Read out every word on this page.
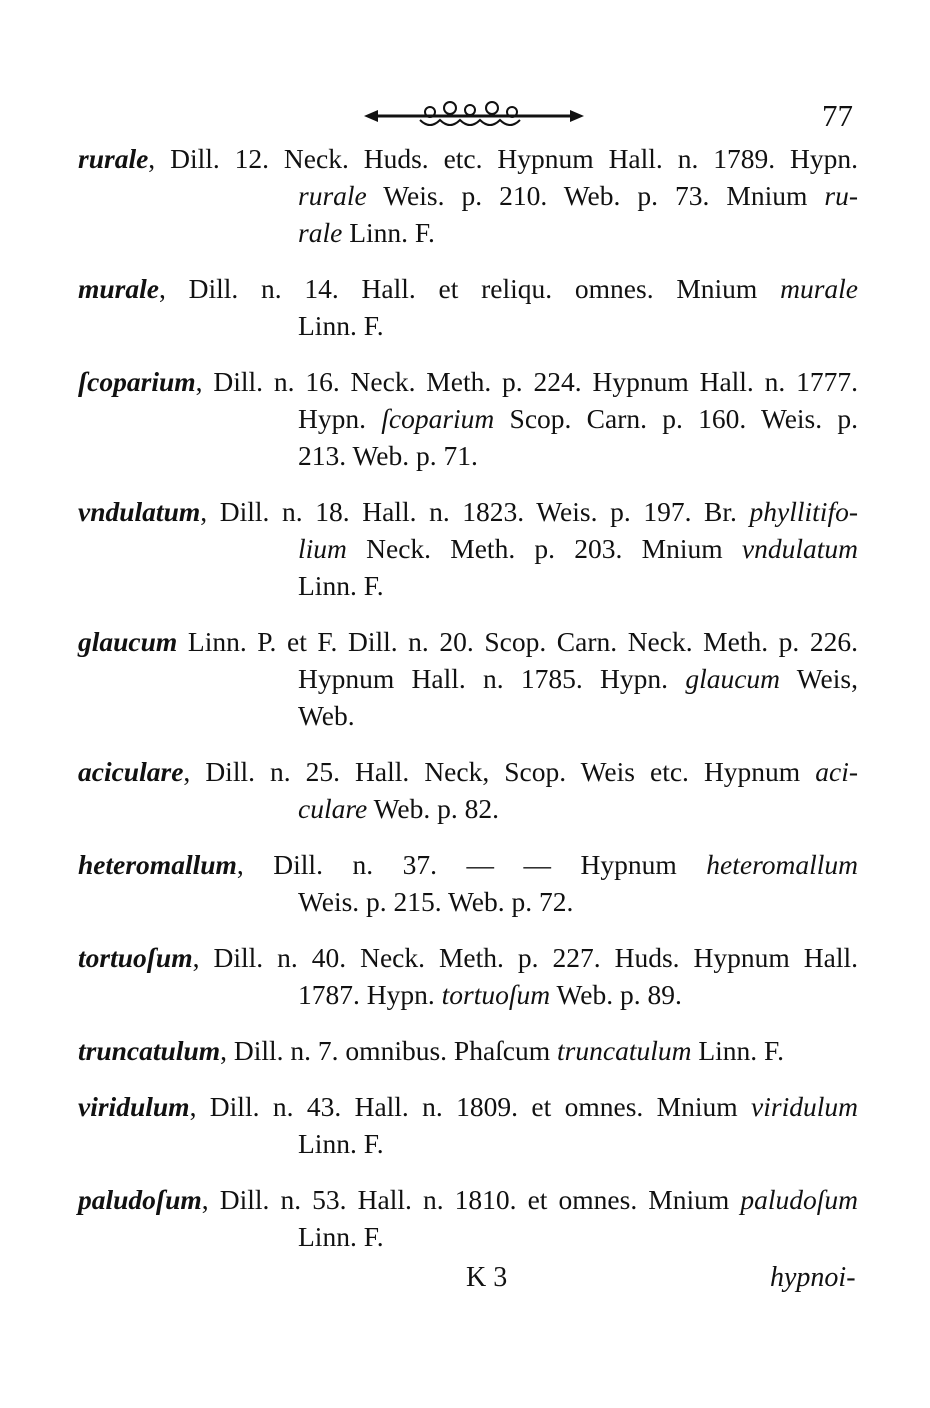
77
rurale, Dill. 12. Neck. Huds. etc. Hypnum Hall. n. 1789. Hypn.
rurale Weis. p. 210. Web. p. 73. Mnium ru-
rale Linn. F.
murale, Dill. n. 14. Hall. et reliqu. omnes. Mnium murale
Linn. F.
ſcoparium, Dill. n. 16. Neck. Meth. p. 224. Hypnum Hall. n. 1777.
Hypn. ſcoparium Scop. Carn. p. 160. Weis. p.
213. Web. p. 71.
vndulatum, Dill. n. 18. Hall. n. 1823. Weis. p. 197. Br. phyllitifo-
lium Neck. Meth. p. 203. Mnium vndulatum
Linn. F.
glaucum Linn. P. et F. Dill. n. 20. Scop. Carn. Neck. Meth. p. 226.
Hypnum Hall. n. 1785. Hypn. glaucum Weis,
Web.
aciculare, Dill. n. 25. Hall. Neck, Scop. Weis etc. Hypnum aci-
culare Web. p. 82.
heteromallum, Dill. n. 37. — — Hypnum heteromallum
Weis. p. 215. Web. p. 72.
tortuoſum, Dill. n. 40. Neck. Meth. p. 227. Huds. Hypnum Hall.
1787. Hypn. tortuoſum Web. p. 89.
truncatulum, Dill. n. 7. omnibus. Phaſcum truncatulum Linn. F.
viridulum, Dill. n. 43. Hall. n. 1809. et omnes. Mnium viridulum
Linn. F.
paludoſum, Dill. n. 53. Hall. n. 1810. et omnes. Mnium paludoſum
Linn. F.
K 3	hypnoi-
